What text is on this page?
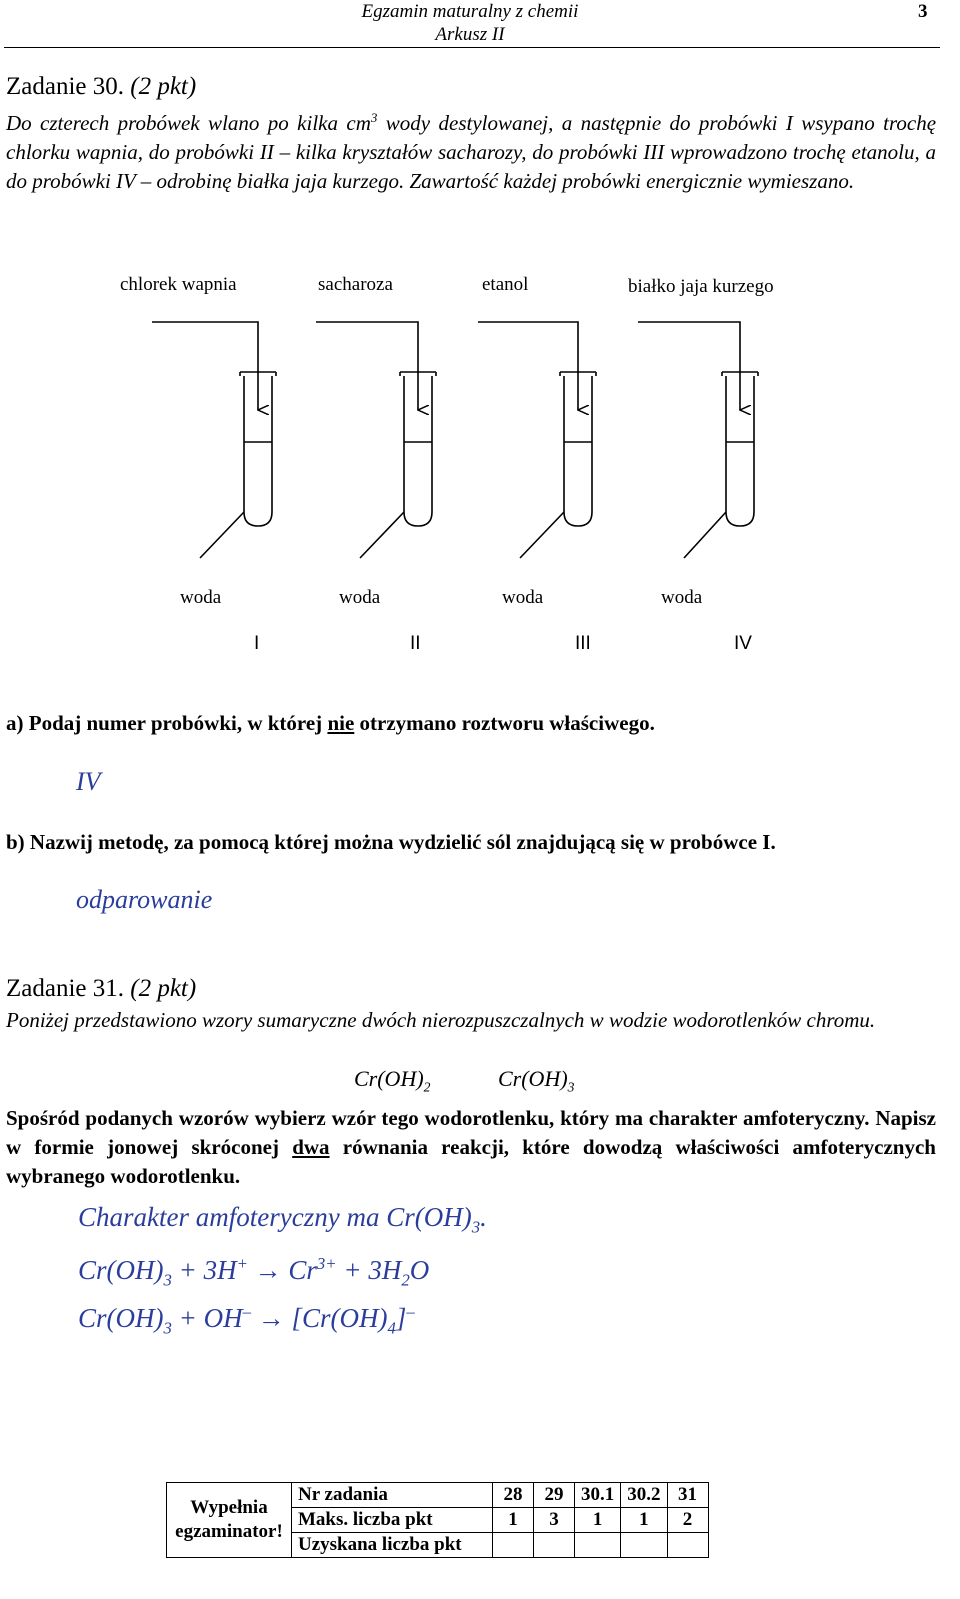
Egzamin maturalny z chemii
Arkusz II
3
Zadanie 30. (2 pkt)
Do czterech probówek wlano po kilka $cm^3$ wody destylowanej, a następnie do probówki I wsypano trochę chlorku wapnia, do probówki II – kilka kryształów sacharozy, do probówki III wprowadzono trochę etanolu, a do probówki IV – odrobinę białka jaja kurzego. Zawartość każdej probówki energicznie wymieszano.
chlorek wapnia	sacharoza	etanol	białko jaja kurzego
woda	woda	woda	woda
I	II	III	IV
a) Podaj numer probówki, w której nie otrzymano roztworu właściwego.
IV
b) Nazwij metodę, za pomocą której można wydzielić sól znajdującą się w probówce I.
odparowanie
Zadanie 31. (2 pkt)
Poniżej przedstawiono wzory sumaryczne dwóch nierozpuszczalnych w wodzie wodorotlenków chromu.
$Cr(OH)_2$	$Cr(OH)_3$
Spośród podanych wzorów wybierz wzór tego wodorotlenku, który ma charakter amfoteryczny. Napisz w formie jonowej skróconej dwa równania reakcji, które dowodzą właściwości amfoterycznych wybranego wodorotlenku.
Charakter amfoteryczny ma $Cr(OH)_3$.
$Cr(OH)_3 + 3H^+ \to Cr^{3+} + 3H_2O$
$Cr(OH)_3 + OH^- \to [Cr(OH)_4]^-$
Wypełnia
egzaminator!	Nr zadania	28	29	30.1	30.2	31
	Maks. liczba pkt	1	3	1	1	2
	Uzyskana liczba pkt					
